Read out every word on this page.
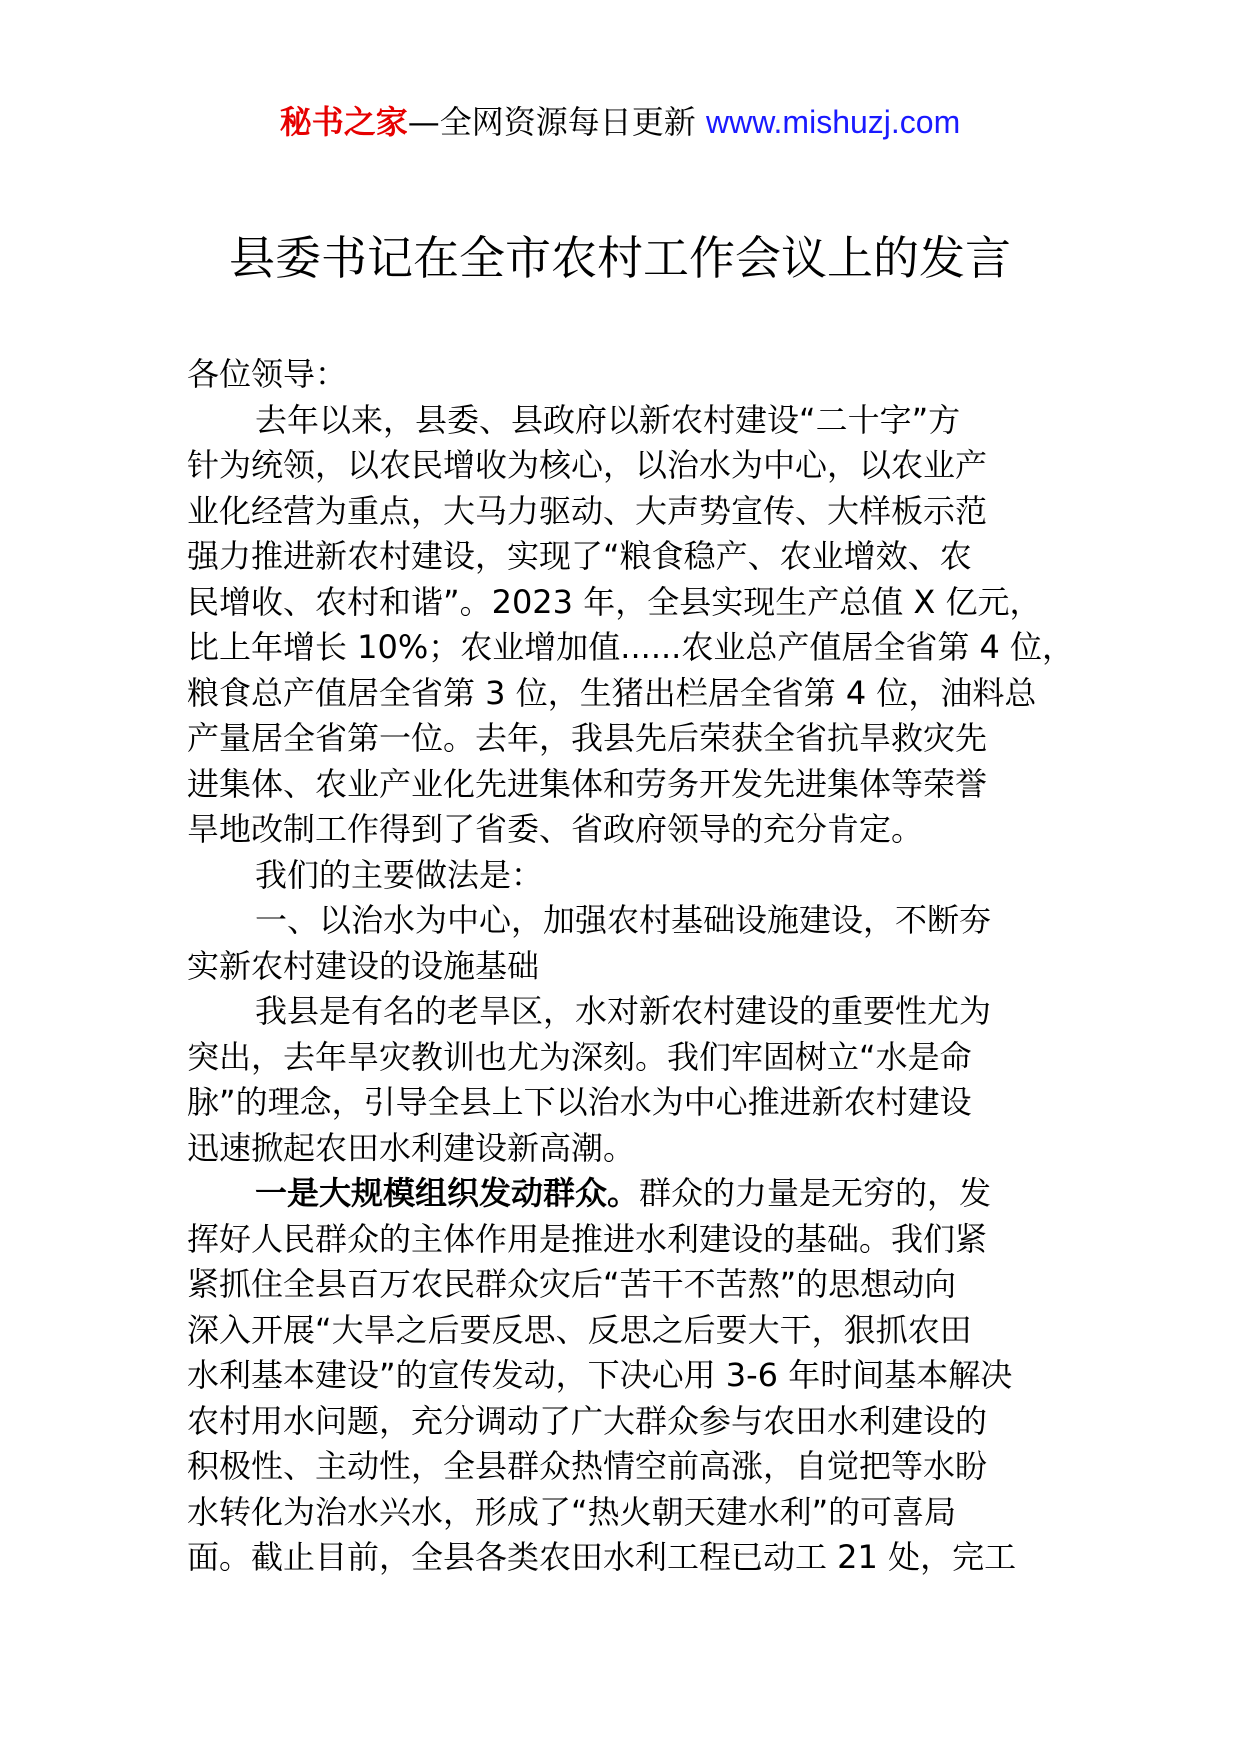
秘书之家—全网资源每日更新 www.mishuzj.com
县委书记在全市农村工作会议上的发言
各位领导：
去年以来，县委、县政府以新农村建设“二十字”方
针为统领，以农民增收为核心，以治水为中心，以农业产
业化经营为重点，大马力驱动、大声势宣传、大样板示范
强力推进新农村建设，实现了“粮食稳产、农业增效、农
民增收、农村和谐”。2023 年，全县实现生产总值 X 亿元，
比上年增长 10%；农业增加值......农业总产值居全省第 4 位，
粮食总产值居全省第 3 位，生猪出栏居全省第 4 位，油料总
产量居全省第一位。去年，我县先后荣获全省抗旱救灾先
进集体、农业产业化先进集体和劳务开发先进集体等荣誉
旱地改制工作得到了省委、省政府领导的充分肯定。
我们的主要做法是：
一、以治水为中心，加强农村基础设施建设，不断夯
实新农村建设的设施基础
我县是有名的老旱区，水对新农村建设的重要性尤为
突出，去年旱灾教训也尤为深刻。我们牢固树立“水是命
脉”的理念，引导全县上下以治水为中心推进新农村建设
迅速掀起农田水利建设新高潮。
一是大规模组织发动群众。群众的力量是无穷的，发
挥好人民群众的主体作用是推进水利建设的基础。我们紧
紧抓住全县百万农民群众灾后“苦干不苦熬”的思想动向
深入开展“大旱之后要反思、反思之后要大干，狠抓农田
水利基本建设”的宣传发动，下决心用 3-6 年时间基本解决
农村用水问题，充分调动了广大群众参与农田水利建设的
积极性、主动性，全县群众热情空前高涨，自觉把等水盼
水转化为治水兴水，形成了“热火朝天建水利”的可喜局
面。截止目前，全县各类农田水利工程已动工 21 处，完工
